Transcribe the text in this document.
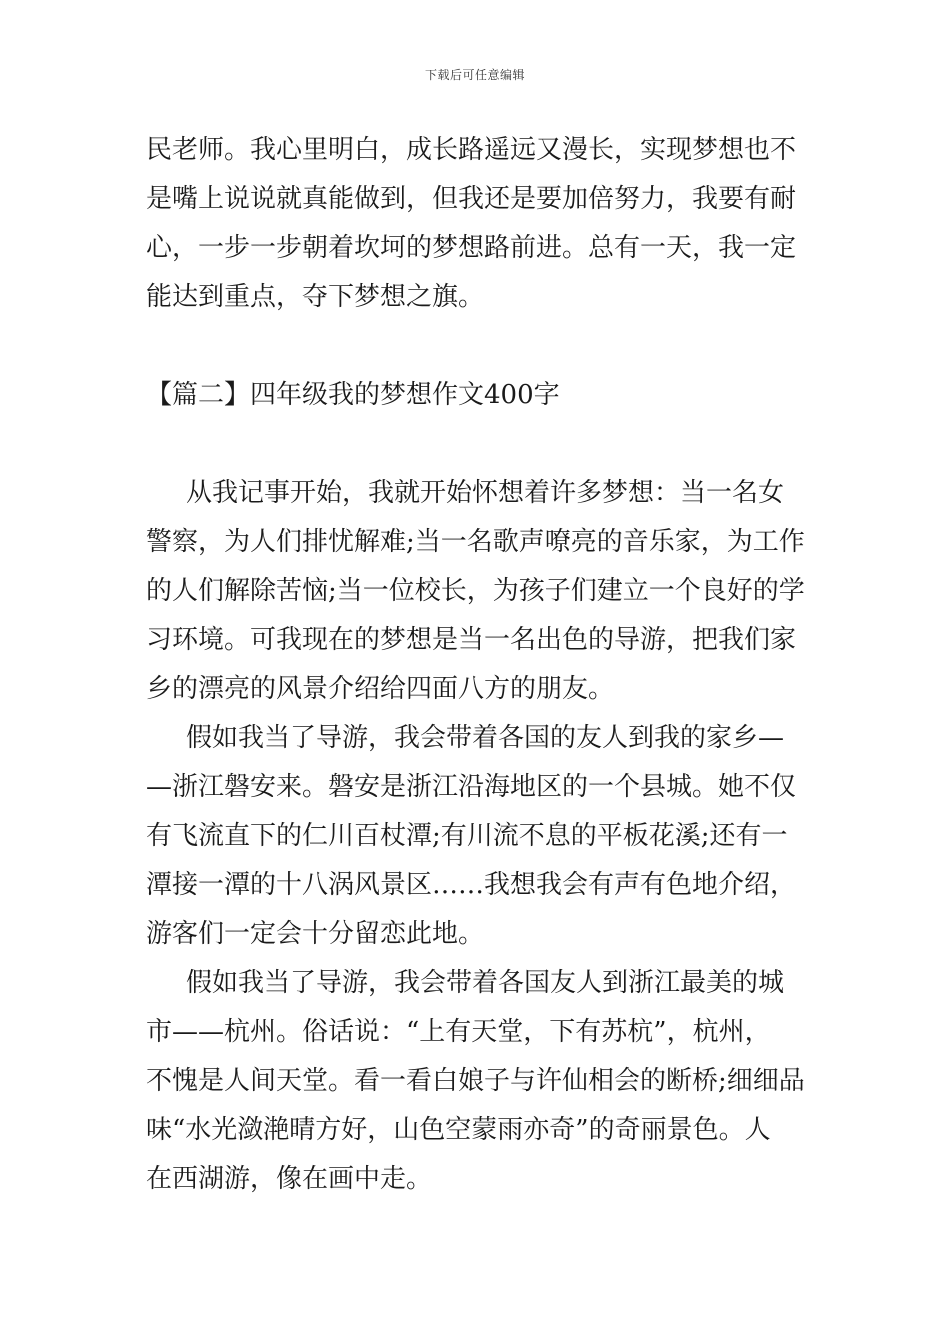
下载后可任意编辑
民老师。我心里明白，成长路遥远又漫长，实现梦想也不
是嘴上说说就真能做到，但我还是要加倍努力，我要有耐
心，一步一步朝着坎坷的梦想路前进。总有一天，我一定
能达到重点，夺下梦想之旗。
【篇二】四年级我的梦想作文400字
从我记事开始，我就开始怀想着许多梦想：当一名女
警察，为人们排忧解难;当一名歌声嘹亮的音乐家，为工作
的人们解除苦恼;当一位校长，为孩子们建立一个良好的学
习环境。可我现在的梦想是当一名出色的导游，把我们家
乡的漂亮的风景介绍给四面八方的朋友。
假如我当了导游，我会带着各国的友人到我的家乡—
—浙江磐安来。磐安是浙江沿海地区的一个县城。她不仅
有飞流直下的仁川百杖潭;有川流不息的平板花溪;还有一
潭接一潭的十八涡风景区……我想我会有声有色地介绍，
游客们一定会十分留恋此地。
假如我当了导游，我会带着各国友人到浙江最美的城
市——杭州。俗话说：“上有天堂，下有苏杭”，杭州，
不愧是人间天堂。看一看白娘子与许仙相会的断桥;细细品
味“水光潋滟晴方好，山色空蒙雨亦奇”的奇丽景色。人
在西湖游，像在画中走。
